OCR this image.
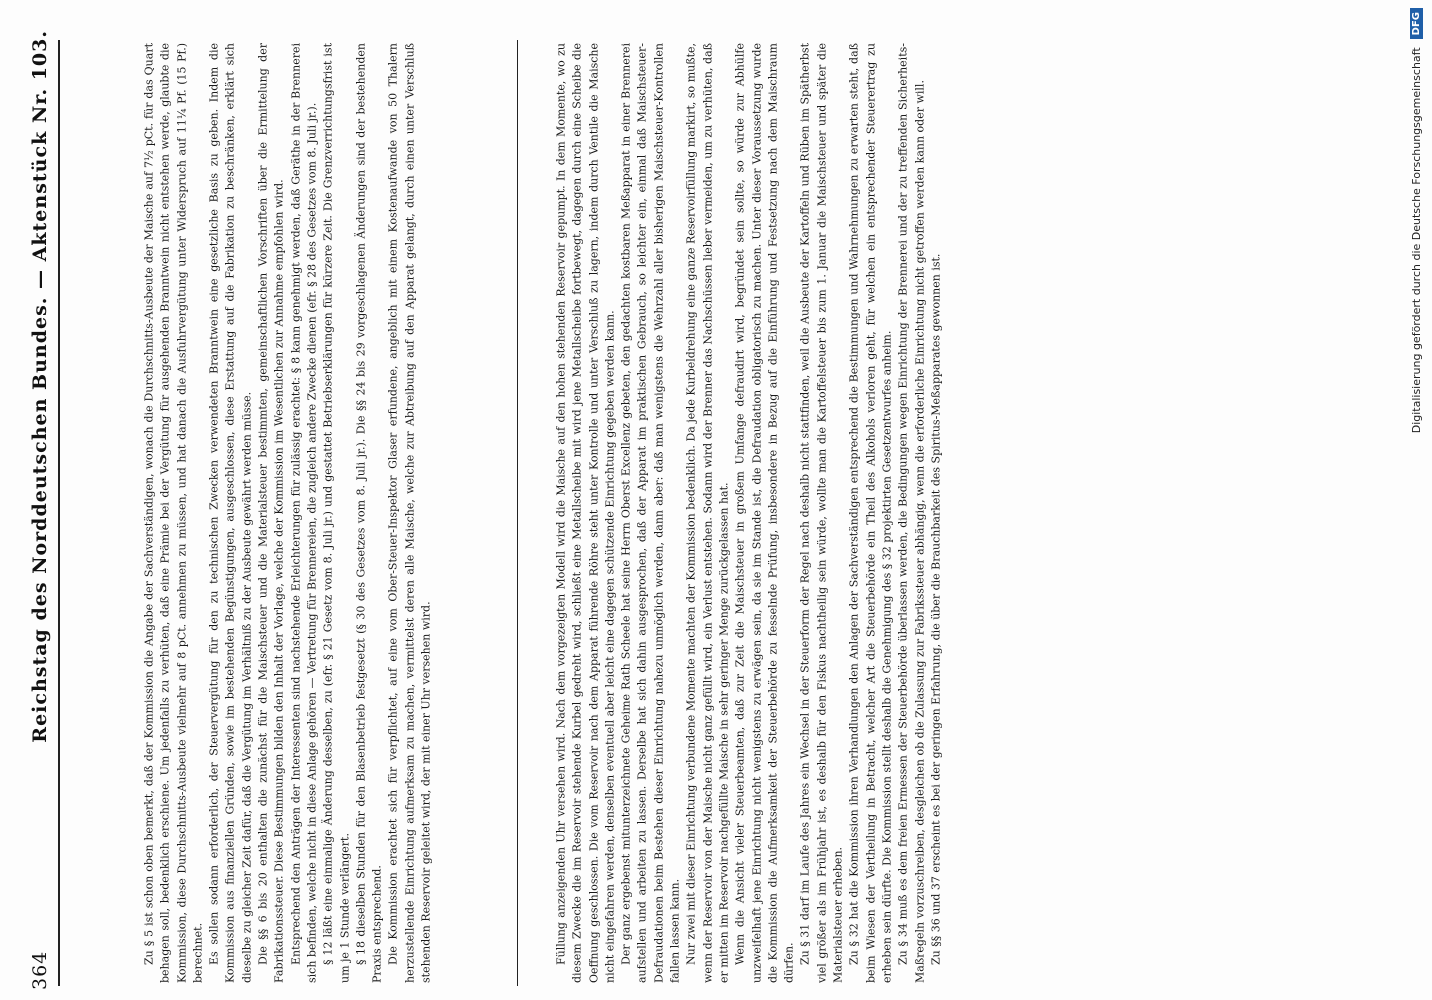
364
Reichstag des Norddeutschen Bundes. — Aktenstück Nr. 103.	Zu § 5 ist schon oben bemerkt, daß der Kommission die Angabe der Sachverständigen, wonach die Durchschnitts-Ausbeute der Maische auf 7½ pCt. für das Quart behagen soll, bedenklich erschiene. Um jedenfalls zu verhüten, daß eine Prämie bei der Vergütung für ausgehenden Branntwein nicht entstehen werde, glaubte die Kommission, diese Durchschnitts-Ausbeute vielmehr auf 8 pCt. annehmen zu müssen, und hat danach die Ausfuhrvergütung unter Widerspruch auf 11¼ Pf. (15 Pf.) berechnet. Es sollen sodann erforderlich, der Steuervergütung für den zu technischen Zwecken verwendeten Branntwein eine gesetzliche Basis zu geben. Indem die Kommission aus finanziellen Gründen, sowie im bestehenden Begünstigungen, ausgeschlossen, diese Erstattung auf die Fabrikation zu beschränken, erklärt sich dieselbe zu gleicher Zeit dafür, daß die Vergütung im Verhältniß zu der Ausbeute gewährt werden müsse. Die §§ 6 bis 20 enthalten die zunächst für die Maischsteuer und die Materialsteuer bestimmten, gemeinschaftlichen Vorschriften über die Ermittelung der Fabrikationssteuer. Diese Bestimmungen bilden den Inhalt der Vorlage, welche der Kommission im Wesentlichen zur Annahme empfohlen wird. Entsprechend den Anträgen der Interessenten sind nachstehende Erleichterungen für zulässig erachtet: § 8 kann genehmigt werden, daß Geräthe in der Brennerei sich befinden, welche nicht in diese Anlage gehören — Vertretung für Brennereien, die zugleich andere Zwecke dienen (efr. § 28 des Gesetzes vom 8. Juli jr.). § 12 läßt eine einmalige Änderung desselben, zu (efr. § 21 Gesetz vom 8. Juli jr.) und gestattet Betriebserklärungen für kürzere Zeit. Die Grenzverrichtungsfrist ist um je 1 Stunde verlängert. § 18 dieselben Stunden für den Blasenbetrieb festgesetzt (§ 30 des Gesetzes vom 8. Juli jr.). Die §§ 24 bis 29 vorgeschlagenen Änderungen sind der bestehenden Praxis entsprechend. Die Kommission erachtet sich für verpflichtet, auf eine vom Ober-Steuer-Inspektor Glaser erfundene, angeblich mit einem Kostenaufwande von 50 Thalern herzustellende Einrichtung aufmerksam zu machen, vermittelst deren alle Maische, welche zur Abtreibung auf den Apparat gelangt, durch einen unter Verschluß stehenden Reservoir geleitet wird, der mit einer Uhr versehen wird.	Füllung anzeigenden Uhr versehen wird. Nach dem vorgezeigten Modell wird die Maische auf den hohen stehenden Reservoir gepumpt. In dem Momente, wo zu diesem Zwecke die im Reservoir stehende Kurbel gedreht wird, schließt eine Metallscheibe mit wird jene Metallscheibe fortbewegt, dagegen durch eine Scheibe die Oeffnung geschlossen. Die vom Reservoir nach dem Apparat führende Röhre steht unter Kontrolle und unter Verschluß zu lagern, indem durch Ventile die Maische nicht eingefahren werden, denselben eventuell aber leicht eine dagegen schützende Einrichtung gegeben werden kann. Der ganz ergebenst mitunterzeichnete Geheime Rath Scheele hat seine Herrn Oberst Excellenz gebeten, den gedachten kostbaren Meßapparat in einer Brennerei aufstellen und arbeiten zu lassen. Derselbe hat sich dahin ausgesprochen, daß der Apparat im praktischen Gebrauch, so leichter ein, einmal daß Maischsteuer-Defraudationen beim Bestehen dieser Einrichtung nahezu unmöglich werden, dann aber: daß man wenigstens die Wehrzahl aller bisherigen Maischsteuer-Kontrollen fallen lassen kann. Nur zwei mit dieser Einrichtung verbundene Momente machten der Kommission bedenklich. Da jede Kurbeldrehung eine ganze Reservoirfüllung markirt, so mußte, wenn der Reservoir von der Maische nicht ganz gefüllt wird, ein Verlust entstehen. Sodann wird der Brenner das Nachschüssen lieber vermeiden, um zu verhüten, daß er mitten im Reservoir nachgefüllte Maische in sehr geringer Menge zurückgelassen hat. Wenn die Ansicht vieler Steuerbeamten, daß zur Zeit die Maischsteuer in großem Umfange defraudirt wird, begründet sein sollte, so würde zur Abhülfe unzweifelhaft jene Einrichtung nicht wenigstens zu erwägen sein, da sie im Stande ist, die Defraudation obligatorisch zu machen. Unter dieser Voraussetzung wurde die Kommission die Aufmerksamkeit der Steuerbehörde zu fesselnde Prüfung, insbesondere in Bezug auf die Einführung und Festsetzung nach dem Maischraum dürfen. Zu § 31 darf im Laufe des Jahres ein Wechsel in der Steuerform der Regel nach deshalb nicht stattfinden, weil die Ausbeute der Kartoffeln und Rüben im Spätherbst viel größer als im Frühjahr ist, es deshalb für den Fiskus nachtheilig sein würde, wollte man die Kartoffelsteuer bis zum 1. Januar die Maischsteuer und später die Materialsteuer erheben. Zu § 32 hat die Kommission ihren Verhandlungen den Anlagen der Sachverständigen entsprechend die Bestimmungen und Wahrnehmungen zu erwarten steht, daß beim Wiesen der Vertheilung in Betracht, welcher Art die Steuerbehörde ein Theil des Alkohols verloren geht, für welchen ein entsprechender Steuerertrag zu erheben sein dürfte. Die Kommission stellt deshalb die Genehmigung des § 32 projektirten Gesetzentwurfes anheim. Zu § 34 muß es dem freien Ermessen der Steuerbehörde überlassen werden, die Bedingungen wegen Einrichtung der Brennerei und der zu treffenden Sicherheits-Maßregeln vorzuschreiben, desgleichen ob die Zulassung zur Fabrikssteuer abhängig, wenn die erforderliche Einrichtung nicht getroffen werden kann oder will. Zu §§ 36 und 37 erscheint es bei der geringen Erfahrung, die über die Brauchbarkeit des Spiritus-Meßapparates gewonnen ist.

Digitalisierung gefördert durch die Deutsche Forschungsgemeinschaft
DFG
